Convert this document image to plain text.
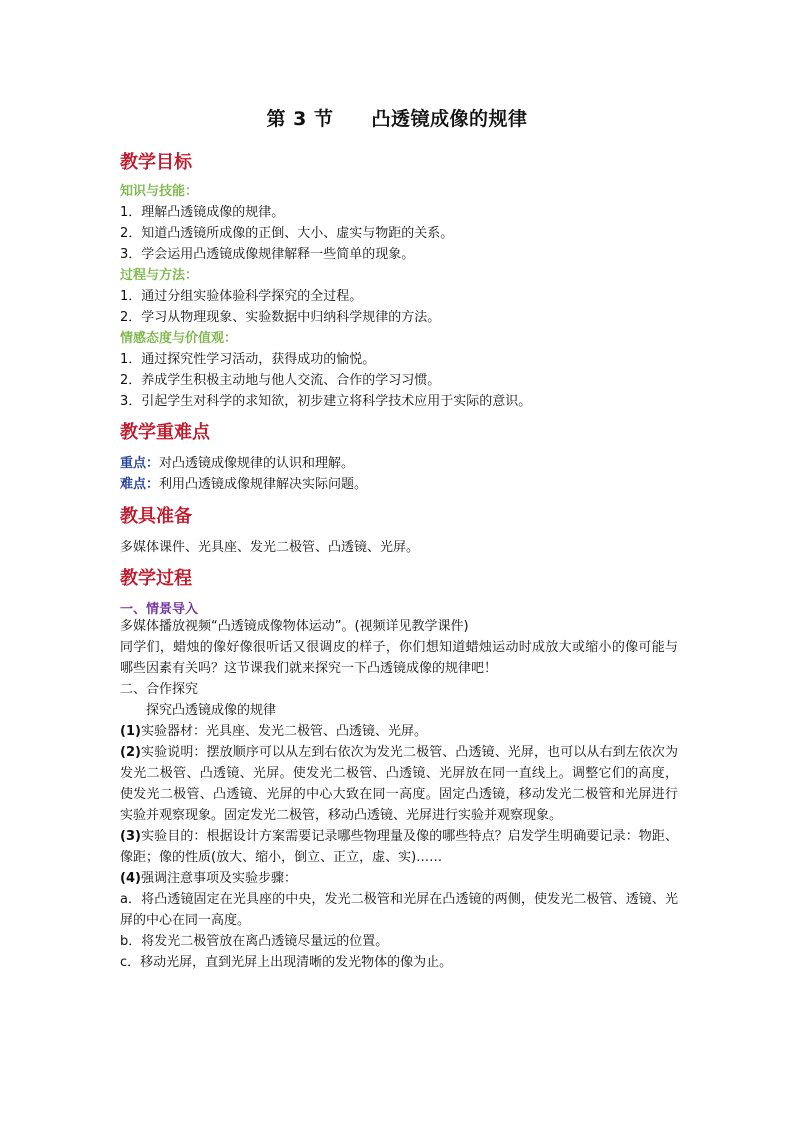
第 3 节 凸透镜成像的规律
教学目标
知识与技能：
1．理解凸透镜成像的规律。
2．知道凸透镜所成像的正倒、大小、虚实与物距的关系。
3．学会运用凸透镜成像规律解释一些简单的现象。
过程与方法：
1．通过分组实验体验科学探究的全过程。
2．学习从物理现象、实验数据中归纳科学规律的方法。
情感态度与价值观：
1．通过探究性学习活动，获得成功的愉悦。
2．养成学生积极主动地与他人交流、合作的学习习惯。
3．引起学生对科学的求知欲，初步建立将科学技术应用于实际的意识。
教学重难点
重点：对凸透镜成像规律的认识和理解。
难点：利用凸透镜成像规律解决实际问题。
教具准备
多媒体课件、光具座、发光二极管、凸透镜、光屏。
教学过程
一、情景导入
多媒体播放视频“凸透镜成像物体运动”。(视频详见教学课件)
同学们，蜡烛的像好像很听话又很调皮的样子，你们想知道蜡烛运动时成放大或缩小的像可能与哪些因素有关吗？这节课我们就来探究一下凸透镜成像的规律吧！
二、合作探究
探究凸透镜成像的规律
(1)实验器材：光具座、发光二极管、凸透镜、光屏。
(2)实验说明：摆放顺序可以从左到右依次为发光二极管、凸透镜、光屏，也可以从右到左依次为发光二极管、凸透镜、光屏。使发光二极管、凸透镜、光屏放在同一直线上。调整它们的高度，使发光二极管、凸透镜、光屏的中心大致在同一高度。固定凸透镜，移动发光二极管和光屏进行实验并观察现象。固定发光二极管，移动凸透镜、光屏进行实验并观察现象。
(3)实验目的：根据设计方案需要记录哪些物理量及像的哪些特点？启发学生明确要记录：物距、像距；像的性质(放大、缩小，倒立、正立，虚、实)……
(4)强调注意事项及实验步骤：
a．将凸透镜固定在光具座的中央，发光二极管和光屏在凸透镜的两侧，使发光二极管、透镜、光屏的中心在同一高度。
b．将发光二极管放在离凸透镜尽量远的位置。
c．移动光屏，直到光屏上出现清晰的发光物体的像为止。
